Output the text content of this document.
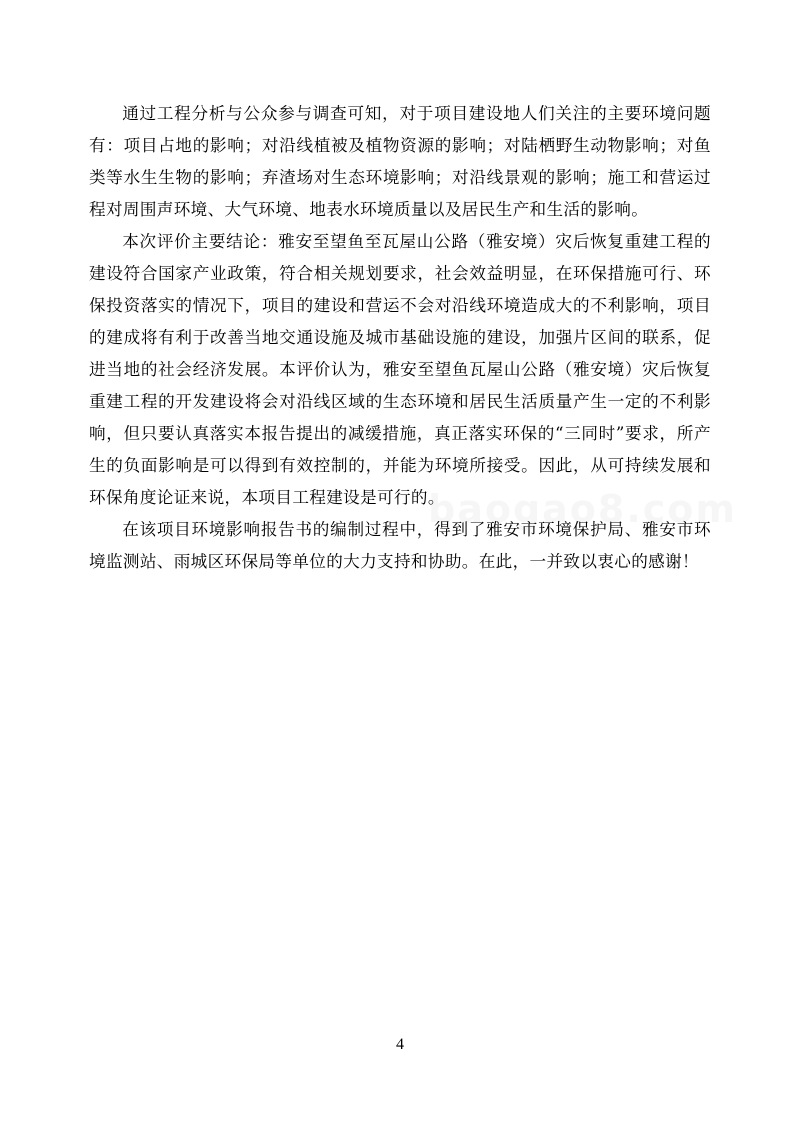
通过工程分析与公众参与调查可知，对于项目建设地人们关注的主要环境问题有：项目占地的影响；对沿线植被及植物资源的影响；对陆栖野生动物影响；对鱼类等水生生物的影响；弃渣场对生态环境影响；对沿线景观的影响；施工和营运过程对周围声环境、大气环境、地表水环境质量以及居民生产和生活的影响。

本次评价主要结论：雅安至望鱼至瓦屋山公路（雅安境）灾后恢复重建工程的建设符合国家产业政策，符合相关规划要求，社会效益明显，在环保措施可行、环保投资落实的情况下，项目的建设和营运不会对沿线环境造成大的不利影响，项目的建成将有利于改善当地交通设施及城市基础设施的建设，加强片区间的联系，促进当地的社会经济发展。本评价认为，雅安至望鱼瓦屋山公路（雅安境）灾后恢复重建工程的开发建设将会对沿线区域的生态环境和居民生活质量产生一定的不利影响，但只要认真落实本报告提出的减缓措施，真正落实环保的“三同时”要求，所产生的负面影响是可以得到有效控制的，并能为环境所接受。因此，从可持续发展和环保角度论证来说，本项目工程建设是可行的。

在该项目环境影响报告书的编制过程中，得到了雅安市环境保护局、雅安市环境监测站、雨城区环保局等单位的大力支持和协助。在此，一并致以衷心的感谢！

baogao8.com
4
